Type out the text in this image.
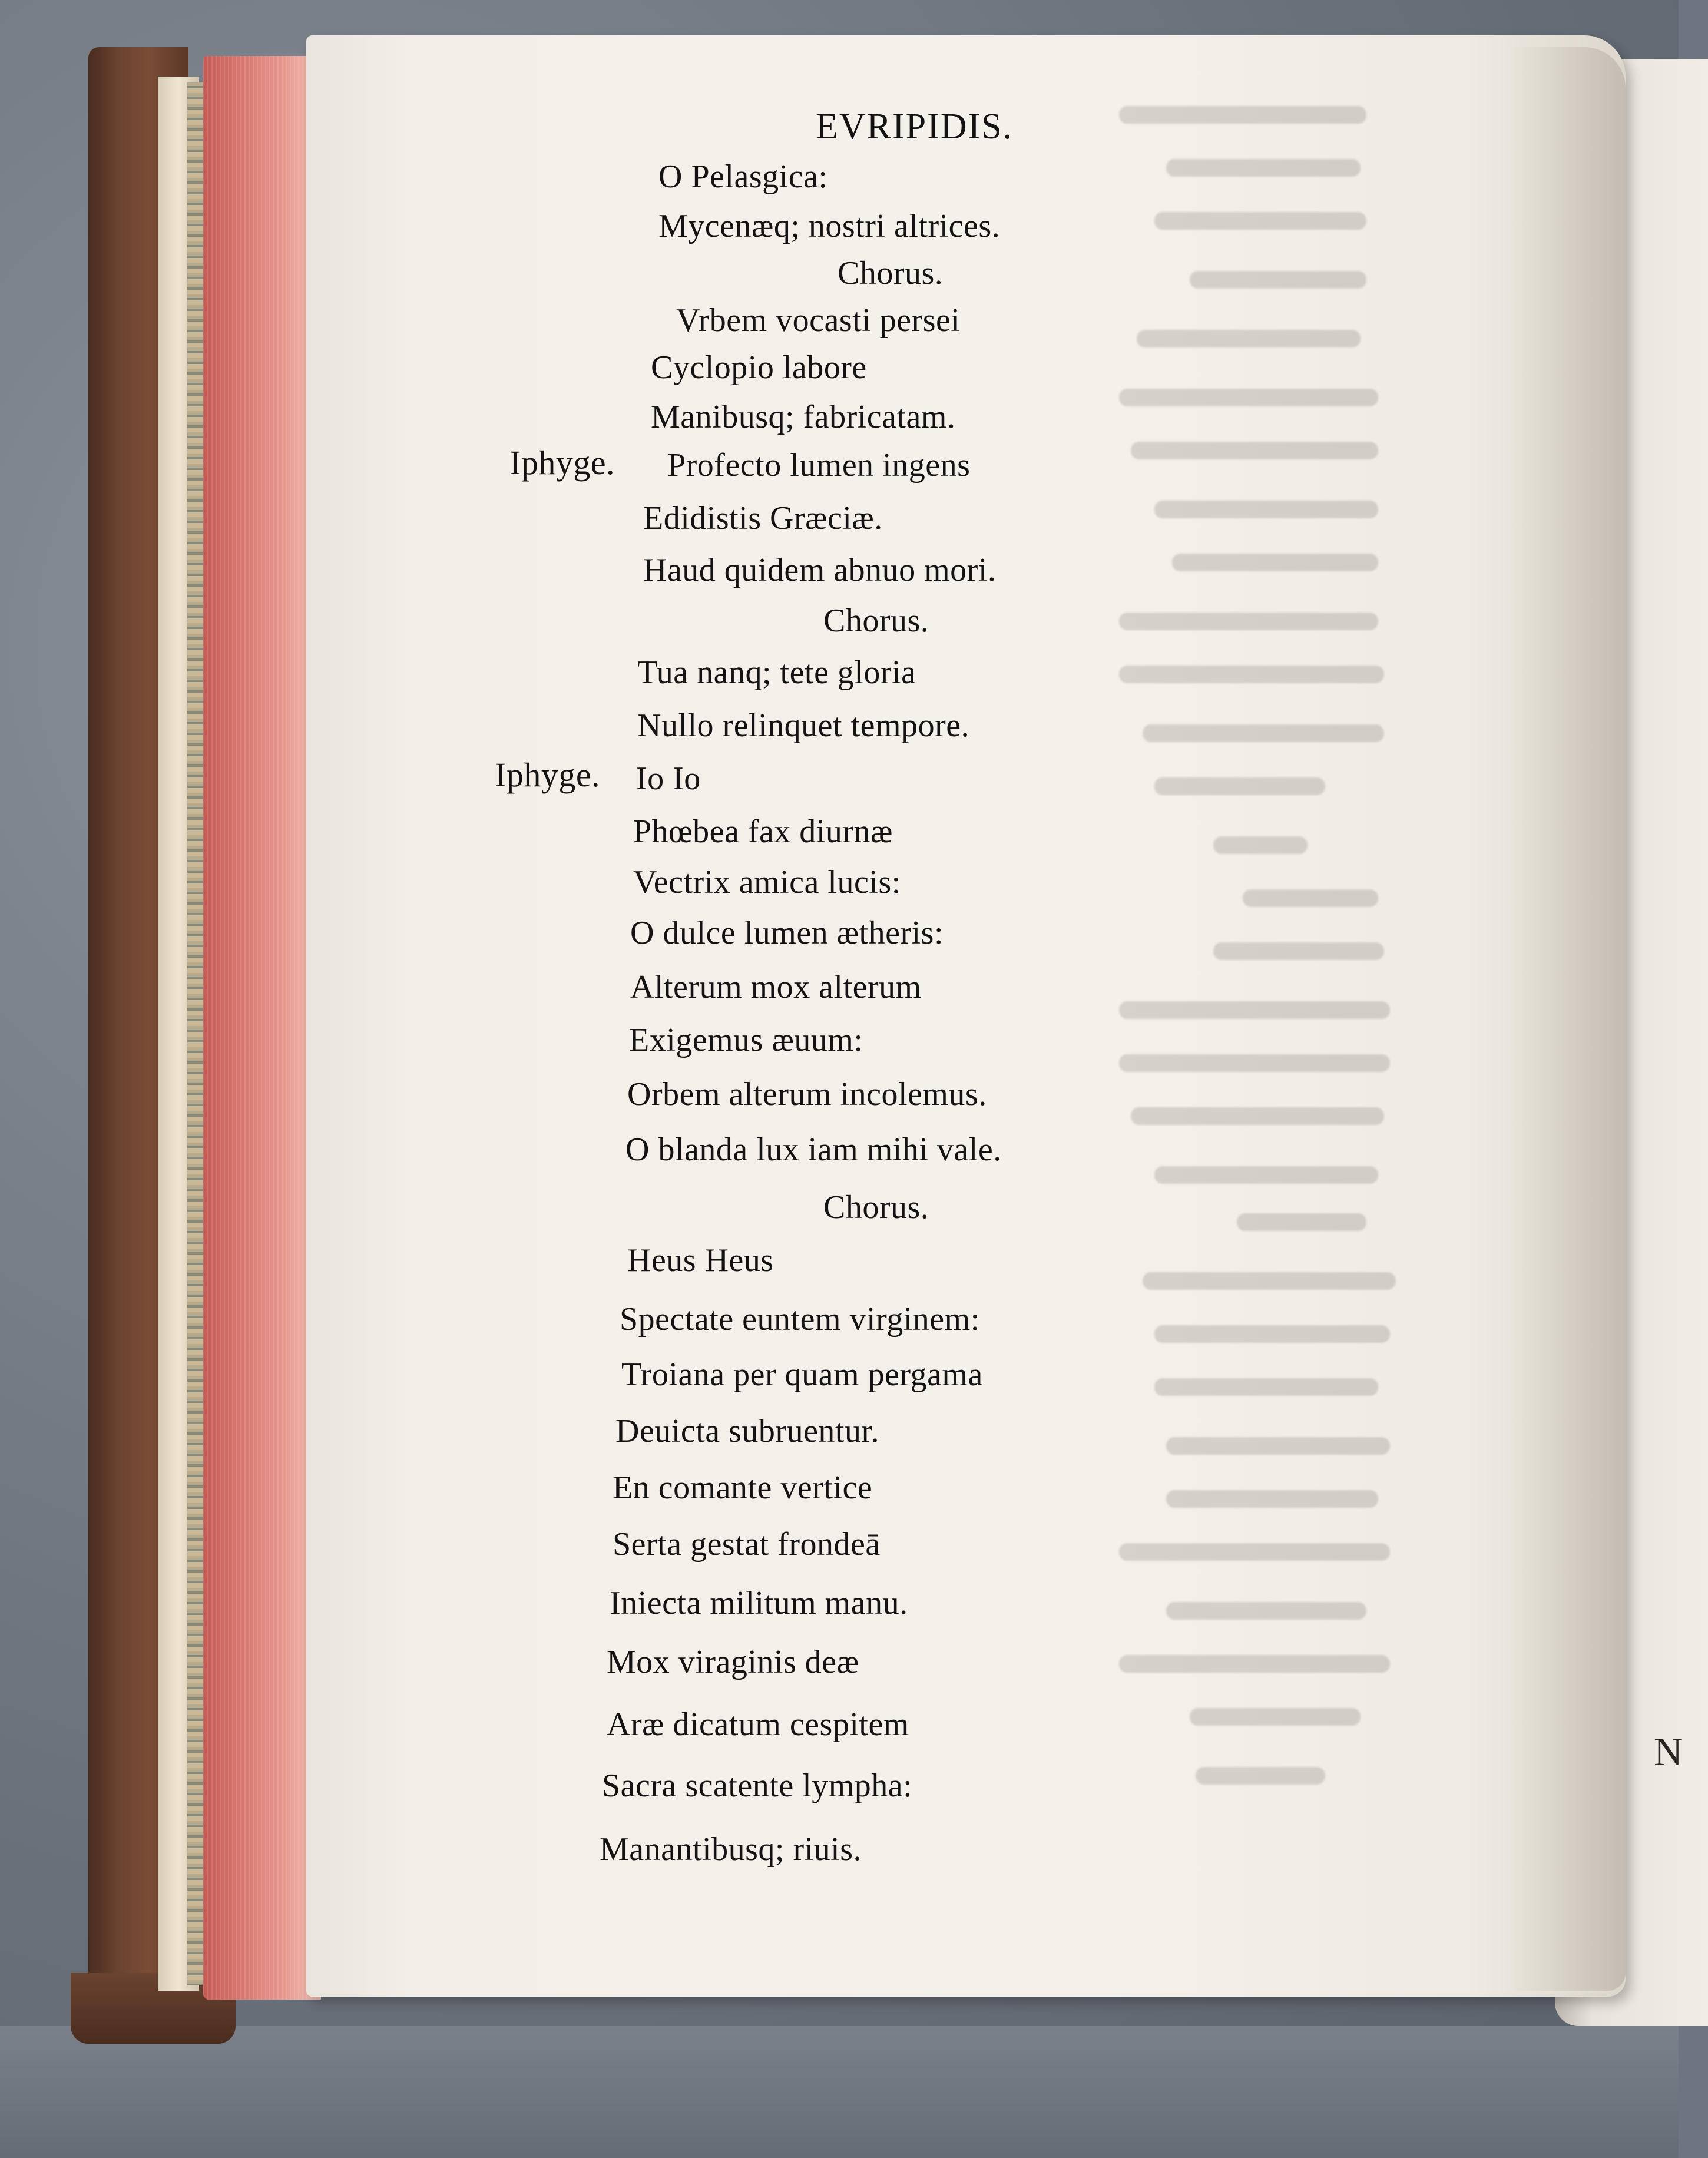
N
EVRIPIDIS.
O Pelasgica:
Mycenæq; nostri altrices.
Chorus.
Vrbem vocasti persei
Cyclopio labore
Manibusq; fabricatam.
Iphyge. Profecto lumen ingens
Edidistis Græciæ.
Haud quidem abnuo mori.
Chorus.
Tua nanq; tete gloria
Nullo relinquet tempore.
Iphyge. Io Io
Phœbea fax diurnæ
Vectrix amica lucis:
O dulce lumen ætheris:
Alterum mox alterum
Exigemus æuum:
Orbem alterum incolemus.
O blanda lux iam mihi vale.
Chorus.
Heus Heus
Spectate euntem virginem:
Troiana per quam pergama
Deuicta subruentur.
En comante vertice
Serta gestat frondeā
Iniecta militum manu.
Mox viraginis deæ
Aræ dicatum cespitem
Sacra scatente lympha:
Manantibusq; riuis.
